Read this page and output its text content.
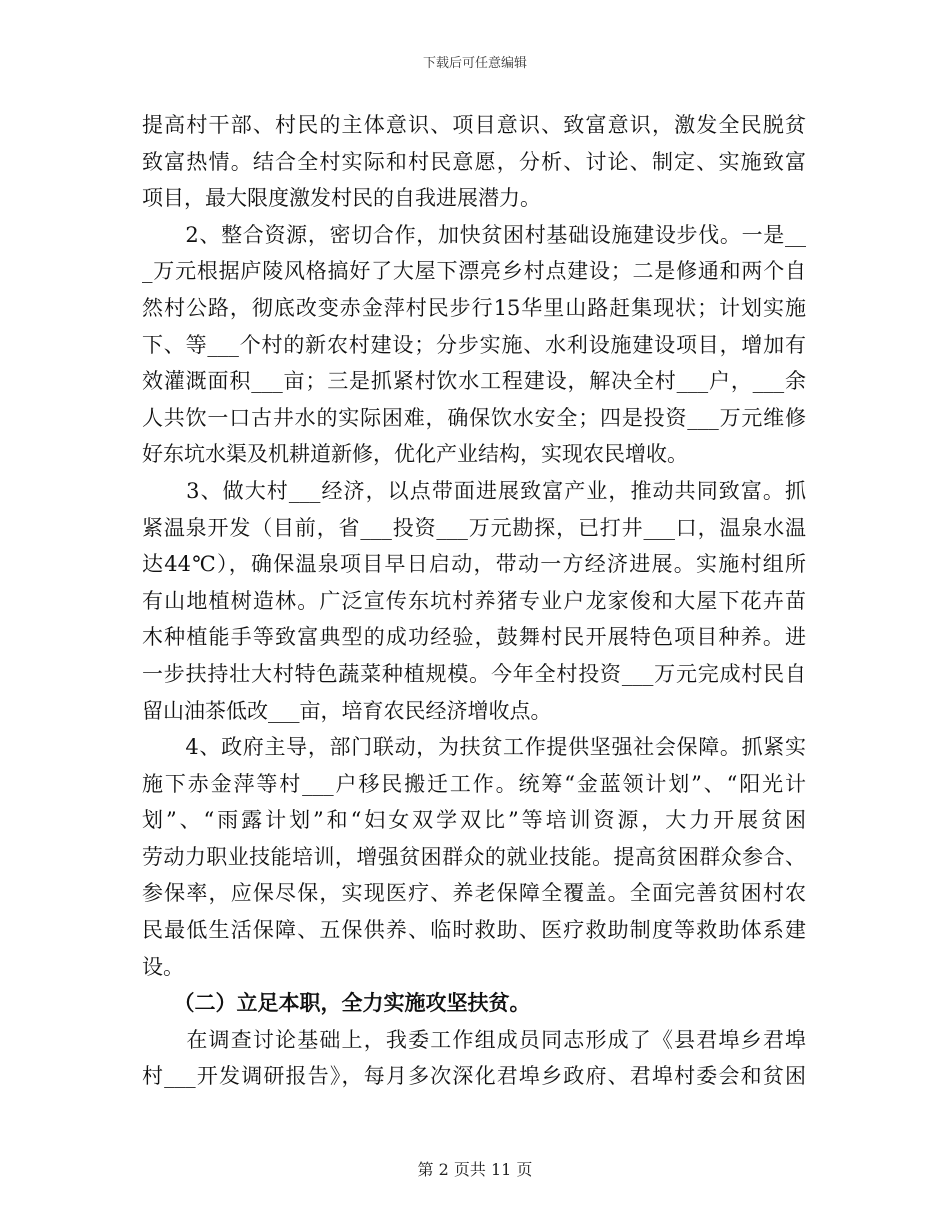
下载后可任意编辑
提高村干部、村民的主体意识、项目意识、致富意识，激发全民脱贫
致富热情。结合全村实际和村民意愿，分析、讨论、制定、实施致富
项目，最大限度激发村民的自我进展潜力。
　　2、整合资源，密切合作，加快贫困村基础设施建设步伐。一是__
_万元根据庐陵风格搞好了大屋下漂亮乡村点建设；二是修通和两个自
然村公路，彻底改变赤金萍村民步行15华里山路赶集现状；计划实施
下、等___个村的新农村建设；分步实施、水利设施建设项目，增加有
效灌溉面积___亩；三是抓紧村饮水工程建设，解决全村___户，___余
人共饮一口古井水的实际困难，确保饮水安全；四是投资___万元维修
好东坑水渠及机耕道新修，优化产业结构，实现农民增收。
　　3、做大村___经济，以点带面进展致富产业，推动共同致富。抓
紧温泉开发（目前，省___投资___万元勘探，已打井___口，温泉水温
达44℃），确保温泉项目早日启动，带动一方经济进展。实施村组所
有山地植树造林。广泛宣传东坑村养猪专业户龙家俊和大屋下花卉苗
木种植能手等致富典型的成功经验，鼓舞村民开展特色项目种养。进
一步扶持壮大村特色蔬菜种植规模。今年全村投资___万元完成村民自
留山油茶低改___亩，培育农民经济增收点。
　　4、政府主导，部门联动，为扶贫工作提供坚强社会保障。抓紧实
施下赤金萍等村___户移民搬迁工作。统筹“金蓝领计划”、“阳光计
划”、“雨露计划”和“妇女双学双比”等培训资源，大力开展贫困
劳动力职业技能培训，增强贫困群众的就业技能。提高贫困群众参合、
参保率，应保尽保，实现医疗、养老保障全覆盖。全面完善贫困村农
民最低生活保障、五保供养、临时救助、医疗救助制度等救助体系建
设。
　　（二）立足本职，全力实施攻坚扶贫。
　　在调查讨论基础上，我委工作组成员同志形成了《县君埠乡君埠
村___开发调研报告》，每月多次深化君埠乡政府、君埠村委会和贫困
第 2 页共 11 页
